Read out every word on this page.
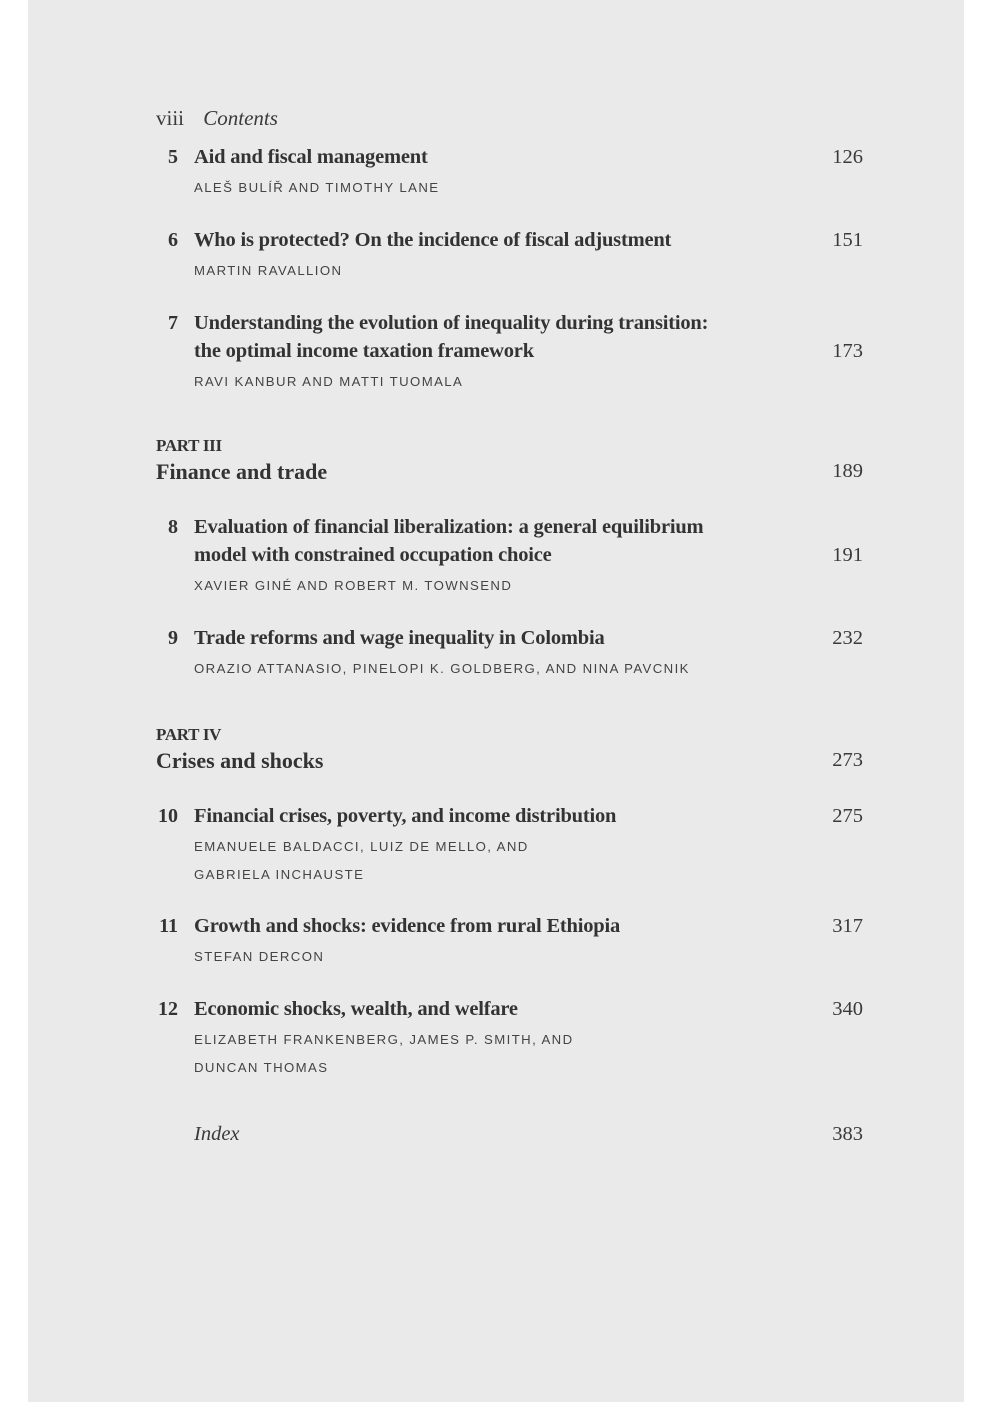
viii Contents
5 Aid and fiscal management	126
ALEŠ BULÍŘ AND TIMOTHY LANE
6 Who is protected? On the incidence of fiscal adjustment	151
MARTIN RAVALLION
7 Understanding the evolution of inequality during transition:
the optimal income taxation framework	173
RAVI KANBUR AND MATTI TUOMALA
PART III
Finance and trade	189
8 Evaluation of financial liberalization: a general equilibrium
model with constrained occupation choice	191
XAVIER GINÉ AND ROBERT M. TOWNSEND
9 Trade reforms and wage inequality in Colombia	232
ORAZIO ATTANASIO, PINELOPI K. GOLDBERG, AND NINA PAVCNIK
PART IV
Crises and shocks	273
10 Financial crises, poverty, and income distribution	275
EMANUELE BALDACCI, LUIZ DE MELLO, AND
GABRIELA INCHAUSTE
11 Growth and shocks: evidence from rural Ethiopia	317
STEFAN DERCON
12 Economic shocks, wealth, and welfare	340
ELIZABETH FRANKENBERG, JAMES P. SMITH, AND
DUNCAN THOMAS
Index	383
